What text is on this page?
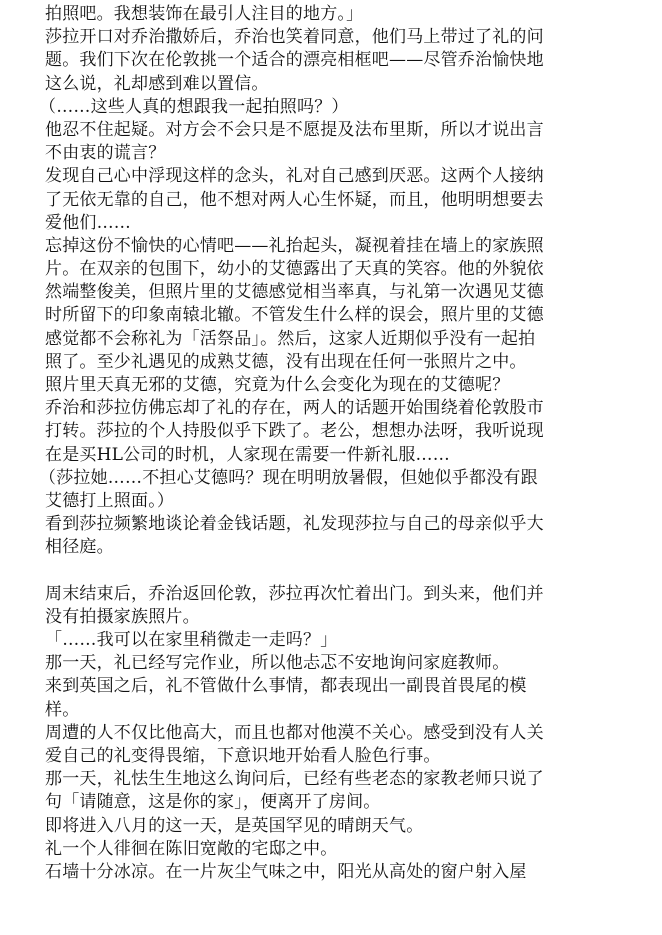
拍照吧。我想装饰在最引人注目的地方。」
莎拉开口对乔治撒娇后，乔治也笑着同意，他们马上带过了礼的问
题。我们下次在伦敦挑一个适合的漂亮相框吧——尽管乔治愉快地
这么说，礼却感到难以置信。
（……这些人真的想跟我一起拍照吗？）
他忍不住起疑。对方会不会只是不愿提及法布里斯，所以才说出言
不由衷的谎言？
发现自己心中浮现这样的念头，礼对自己感到厌恶。这两个人接纳
了无依无靠的自己，他不想对两人心生怀疑，而且，他明明想要去
爱他们……
忘掉这份不愉快的心情吧——礼抬起头，凝视着挂在墙上的家族照
片。在双亲的包围下，幼小的艾德露出了天真的笑容。他的外貌依
然端整俊美，但照片里的艾德感觉相当率真，与礼第一次遇见艾德
时所留下的印象南辕北辙。不管发生什么样的误会，照片里的艾德
感觉都不会称礼为「活祭品」。然后，这家人近期似乎没有一起拍
照了。至少礼遇见的成熟艾德，没有出现在任何一张照片之中。
照片里天真无邪的艾德，究竟为什么会变化为现在的艾德呢？
乔治和莎拉仿佛忘却了礼的存在，两人的话题开始围绕着伦敦股市
打转。莎拉的个人持股似乎下跌了。老公，想想办法呀，我听说现
在是买HL公司的时机，人家现在需要一件新礼服……
（莎拉她……不担心艾德吗？现在明明放暑假，但她似乎都没有跟
艾德打上照面。）
看到莎拉频繁地谈论着金钱话题，礼发现莎拉与自己的母亲似乎大
相径庭。
周末结束后，乔治返回伦敦，莎拉再次忙着出门。到头来，他们并
没有拍摄家族照片。
「……我可以在家里稍微走一走吗？」
那一天，礼已经写完作业，所以他忐忑不安地询问家庭教师。
来到英国之后，礼不管做什么事情，都表现出一副畏首畏尾的模
样。
周遭的人不仅比他高大，而且也都对他漠不关心。感受到没有人关
爱自己的礼变得畏缩，下意识地开始看人脸色行事。
那一天，礼怯生生地这么询问后，已经有些老态的家教老师只说了
句「请随意，这是你的家」，便离开了房间。
即将进入八月的这一天，是英国罕见的晴朗天气。
礼一个人徘徊在陈旧宽敞的宅邸之中。
石墙十分冰凉。在一片灰尘气味之中，阳光从高处的窗户射入屋
